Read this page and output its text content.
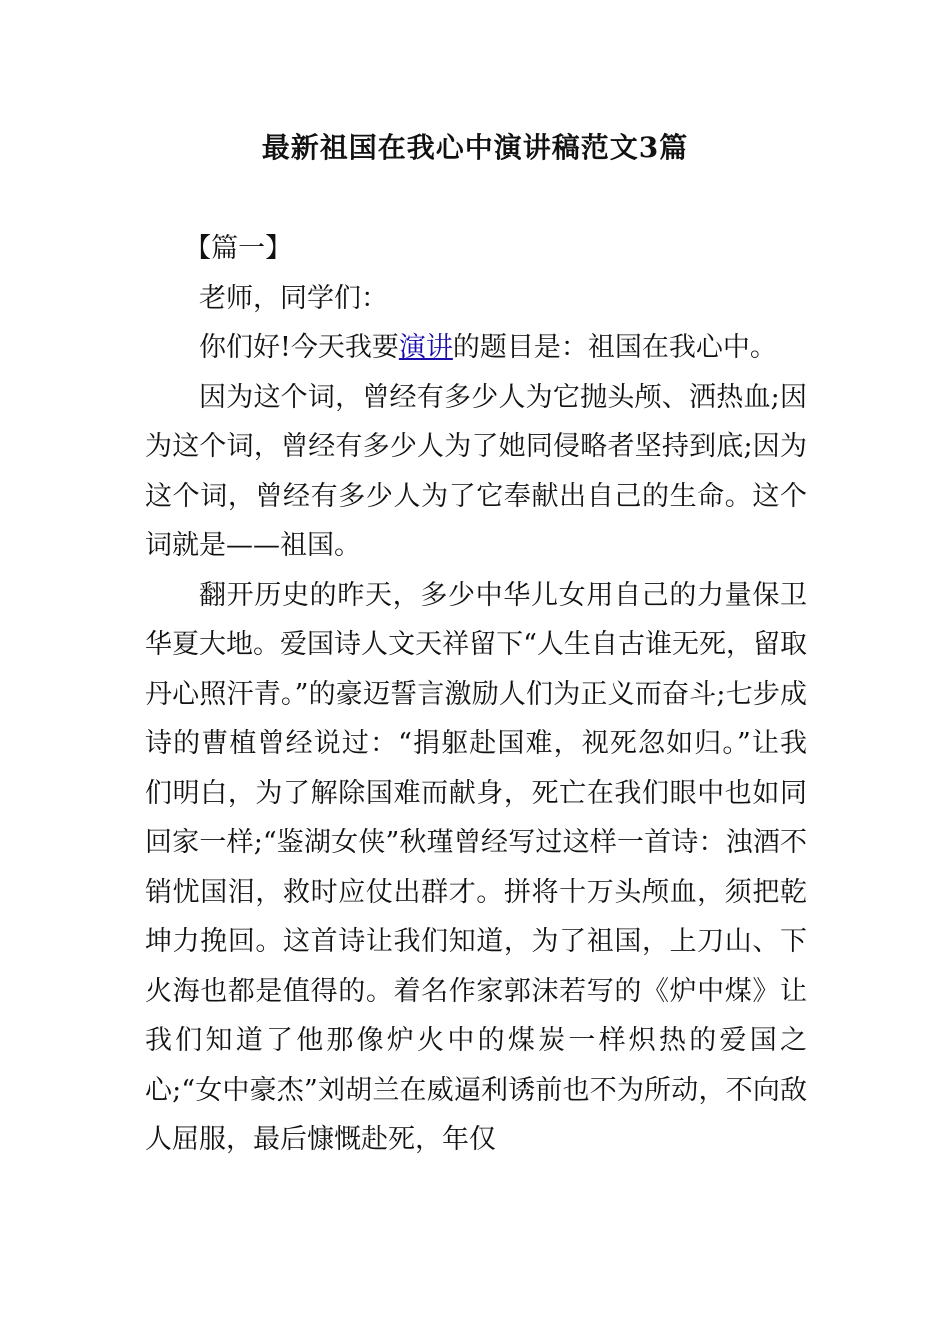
最新祖国在我心中演讲稿范文3篇

【篇一】

老师，同学们：

你们好!今天我要演讲的题目是：祖国在我心中。

因为这个词，曾经有多少人为它抛头颅、洒热血;因为这个词，曾经有多少人为了她同侵略者坚持到底;因为这个词，曾经有多少人为了它奉献出自己的生命。这个词就是——祖国。

翻开历史的昨天，多少中华儿女用自己的力量保卫华夏大地。爱国诗人文天祥留下“人生自古谁无死，留取丹心照汗青。”的豪迈誓言激励人们为正义而奋斗;七步成诗的曹植曾经说过：“捐躯赴国难，视死忽如归。”让我们明白，为了解除国难而献身，死亡在我们眼中也如同回家一样;“鉴湖女侠”秋瑾曾经写过这样一首诗：浊酒不销忧国泪，救时应仗出群才。拼将十万头颅血，须把乾坤力挽回。这首诗让我们知道，为了祖国，上刀山、下火海也都是值得的。着名作家郭沫若写的《炉中煤》让我们知道了他那像炉火中的煤炭一样炽热的爱国之心;“女中豪杰”刘胡兰在威逼利诱前也不为所动，不向敌人屈服，最后慷慨赴死，年仅
